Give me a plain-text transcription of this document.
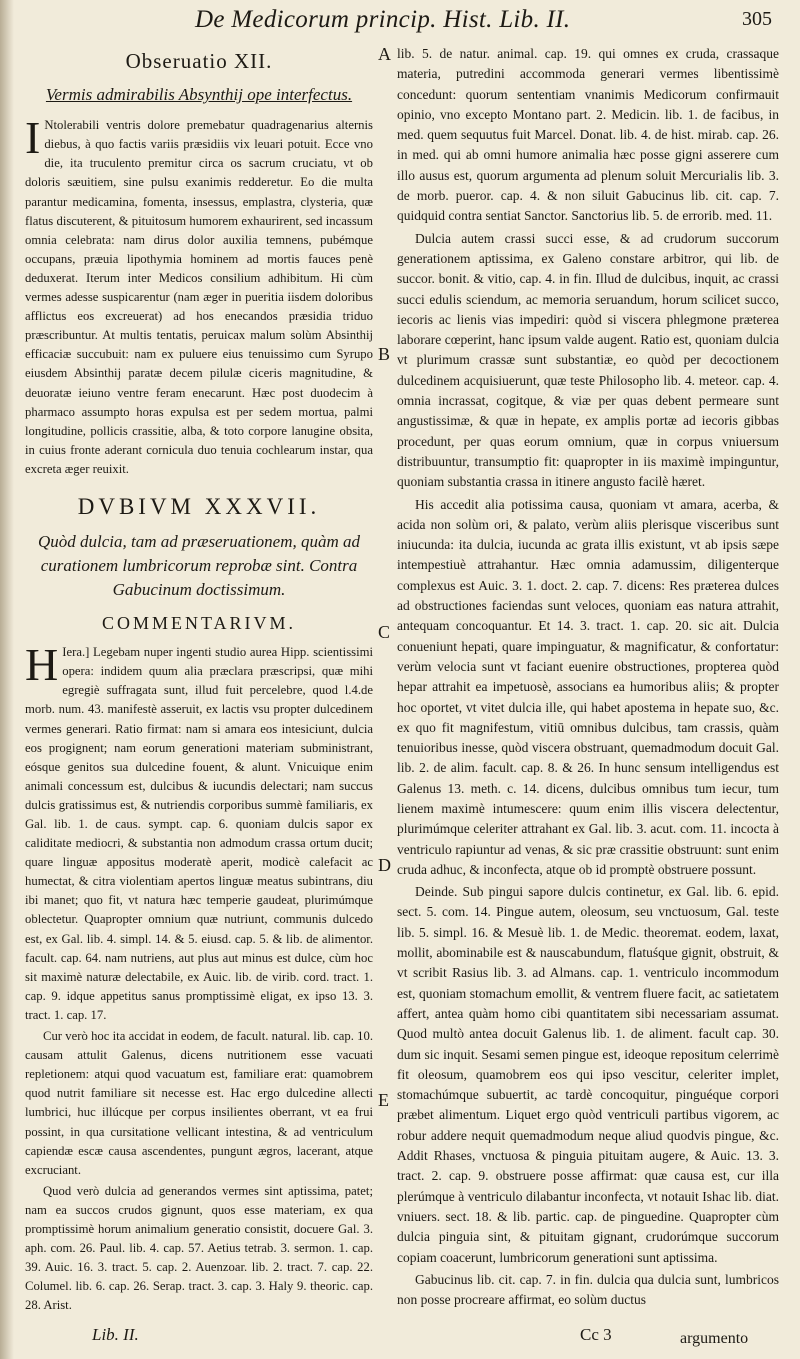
De Medicorum princip. Hist. Lib. II.	305
Obseruatio XII.
Vermis admirabilis Absynthij ope interfectus.

I Ntolerabili ventris dolore premebatur quadragenarius alternis diebus, à quo factis variis præsidiis vix leuari potuit. Ecce vno die, ita truculento premitur circa os sacrum cruciatu, vt ob doloris sæuitiem, sine pulsu exanimis redderetur. Eo die multa parantur medicamina, fomenta, insessus, emplastra, clysteria, quæ flatus discuterent, & pituitosum humorem exhaurirent, sed incassum omnia celebrata: nam dirus dolor auxilia temnens, pubémque occupans, præuia lipothymia hominem ad mortis fauces penè deduxerat. Iterum inter Medicos consilium adhibitum. Hi cùm vermes adesse suspicarentur (nam æger in pueritia iisdem doloribus afflictus eos excreuerat) ad hos enecandos præsidia triduo præscribuntur. At multis tentatis, peruicax malum solùm Absinthij efficaciæ succubuit: nam ex puluere eius tenuissimo cum Syrupo eiusdem Absinthij paratæ decem pilulæ ciceris magnitudine, & deuoratæ ieiuno ventre feram enecarunt. Hæc post duodecim à pharmaco assumpto horas expulsa est per sedem mortua, palmi longitudine, pollicis crassitie, alba, & toto corpore lanugine obsita, in cuius fronte aderant cornicula duo tenuia cochlearum instar, qua excreta æger reuixit.

DVBIVM XXXVII.
Quòd dulcia, tam ad præseruationem, quàm ad curationem lumbricorum reprobæ sint. Contra Gabucinum doctissimum.
COMMENTARIVM.

H Iera.] Legebam nuper ingenti studio aurea Hipp. scientissimi opera: indidem quum alia præclara præscripsi, quæ mihi egregiè suffragata sunt, illud fuit percelebre, quod l.4.de morb. num. 43. manifestè asseruit, ex lactis vsu propter dulcedinem vermes generari. Ratio firmat: nam si amara eos intesiciunt, dulcia eos progignent; nam eorum generationi materiam subministrant, eósque genitos sua dulcedine fouent, & alunt. Vnicuique enim animali concessum est, dulcibus & iucundis delectari; nam succus dulcis gratissimus est, & nutriendis corporibus summè familiaris, ex Gal. lib. 1. de caus. sympt. cap. 6. quoniam dulcis sapor ex caliditate mediocri, & substantia non admodum crassa ortum ducit; quare linguæ appositus moderatè aperit, modicè calefacit ac humectat, & citra violentiam apertos linguæ meatus subintrans, diu ibi manet; quo fit, vt natura hæc temperie gaudeat, plurimúmque oblectetur. Quapropter omnium quæ nutriunt, communis dulcedo est, ex Gal. lib. 4. simpl. 14. & 5. eiusd. cap. 5. & lib. de alimentor. facult. cap. 64. nam nutriens, aut plus aut minus est dulce, cùm hoc sit maximè naturæ delectabile, ex Auic. lib. de virib. cord. tract. 1. cap. 9. idque appetitus sanus promptissimè eligat, ex ipso 13. 3. tract. 1. cap. 17.

Cur verò hoc ita accidat in eodem, de facult. natural. lib. cap. 10. causam attulit Galenus, dicens nutritionem esse vacuati repletionem: atqui quod vacuatum est, familiare erat: quamobrem quod nutrit familiare sit necesse est. Hac ergo dulcedine allecti lumbrici, huc illúcque per corpus insilientes oberrant, vt ea frui possint, in qua cursitatione vellicant intestina, & ad ventriculum capiendæ escæ causa ascendentes, pungunt ægros, lacerant, atque excruciant.

Quod verò dulcia ad generandos vermes sint aptissima, patet; nam ea succos crudos gignunt, quos esse materiam, ex qua promptissimè horum animalium generatio consistit, docuere Gal. 3. aph. com. 26. Paul. lib. 4. cap. 57. Aetius tetrab. 3. sermon. 1. cap. 39. Auic. 16. 3. tract. 5. cap. 2. Auenzoar. lib. 2. tract. 7. cap. 22. Columel. lib. 6. cap. 26. Serap. tract. 3. cap. 3. Haly 9. theoric. cap. 28. Arist.

A
B
C
D
E

lib. 5. de natur. animal. cap. 19. qui omnes ex cruda, crassaque materia, putredini accommoda generari vermes libentissimè concedunt: quorum sententiam vnanimis Medicorum confirmauit opinio, vno excepto Montano part. 2. Medicin. lib. 1. de facibus, in med. quem sequutus fuit Marcel. Donat. lib. 4. de hist. mirab. cap. 26. in med. qui ab omni humore animalia hæc posse gigni asserere cum illo ausus est, quorum argumenta ad plenum soluit Mercurialis lib. 3. de morb. pueror. cap. 4. & non siluit Gabucinus lib. cit. cap. 7. quidquid contra sentiat Sanctor. Sanctorius lib. 5. de errorib. med. 11.

Dulcia autem crassi succi esse, & ad crudorum succorum generationem aptissima, ex Galeno constare arbitror, qui lib. de succor. bonit. & vitio, cap. 4. in fin. Illud de dulcibus, inquit, ac crassi succi edulis sciendum, ac memoria seruandum, horum scilicet succo, iecoris ac lienis vias impediri: quòd si viscera phlegmone præterea laborare cœperint, hanc ipsum valde augent. Ratio est, quoniam dulcia vt plurimum crassæ sunt substantiæ, eo quòd per decoctionem dulcedinem acquisiuerunt, quæ teste Philosopho lib. 4. meteor. cap. 4. omnia incrassat, cogitque, & viæ per quas debent permeare sunt angustissimæ, & quæ in hepate, ex amplis portæ ad iecoris gibbas procedunt, per quas eorum omnium, quæ in corpus vniuersum distribuuntur, transumptio fit: quapropter in iis maximè impinguntur, quoniam substantia crassa in itinere angusto facilè hæret.

His accedit alia potissima causa, quoniam vt amara, acerba, & acida non solùm ori, & palato, verùm aliis plerisque visceribus sunt iniucunda: ita dulcia, iucunda ac grata illis existunt, vt ab ipsis sæpe intempestiuè attrahantur. Hæc omnia adamussim, diligenterque complexus est Auic. 3. 1. doct. 2. cap. 7. dicens: Res præterea dulces ad obstructiones faciendas sunt veloces, quoniam eas natura attrahit, antequam concoquantur. Et 14. 3. tract. 1. cap. 20. sic ait. Dulcia conueniunt hepati, quare impinguatur, & magnificatur, & confortatur: verùm velocia sunt vt faciant euenire obstructiones, propterea quòd hepar attrahit ea impetuosè, associans ea humoribus aliis; & propter hoc oportet, vt vitet dulcia ille, qui habet apostema in hepate suo, &c. ex quo fit magnifestum, vitiū omnibus dulcibus, tam crassis, quàm tenuioribus inesse, quòd viscera obstruant, quemadmodum docuit Gal. lib. 2. de alim. facult. cap. 8. & 26. In hunc sensum intelligendus est Galenus 13. meth. c. 14. dicens, dulcibus omnibus tum iecur, tum lienem maximè intumescere: quum enim illis viscera delectentur, plurimúmque celeriter attrahant ex Gal. lib. 3. acut. com. 11. incocta à ventriculo rapiuntur ad venas, & sic præ crassitie obstruunt: sunt enim cruda adhuc, & inconfecta, atque ob id promptè obstruere possunt.

Deinde. Sub pingui sapore dulcis continetur, ex Gal. lib. 6. epid. sect. 5. com. 14. Pingue autem, oleosum, seu vnctuosum, Gal. teste lib. 5. simpl. 16. & Mesuè lib. 1. de Medic. theoremat. eodem, laxat, mollit, abominabile est & nauscabundum, flatuśque gignit, obstruit, & vt scribit Rasius lib. 3. ad Almans. cap. 1. ventriculo incommodum est, quoniam stomachum emollit, & ventrem fluere facit, ac satietatem affert, antea quàm homo cibi quantitatem sibi necessariam assumat. Quod multò antea docuit Galenus lib. 1. de aliment. facult cap. 30. dum sic inquit. Sesami semen pingue est, ideoque repositum celerrimè fit oleosum, quamobrem eos qui ipso vescitur, celeriter implet, stomachúmque subuertit, ac tardè concoquitur, pinguéque corpori præbet alimentum. Liquet ergo quòd ventriculi partibus vigorem, ac robur addere nequit quemadmodum neque aliud quodvis pingue, &c. Addit Rhases, vnctuosa & pinguia pituitam augere, & Auic. 13. 3. tract. 2. cap. 9. obstruere posse affirmat: quæ causa est, cur illa plerúmque à ventriculo dilabantur inconfecta, vt notauit Ishac lib. diat. vniuers. sect. 18. & lib. partic. cap. de pinguedine. Quapropter cùm dulcia pinguia sint, & pituitam gignant, crudorúmque succorum copiam coacerunt, lumbricorum generationi sunt aptissima.

Gabucinus lib. cit. cap. 7. in fin. dulcia qua dulcia sunt, lumbricos non posse procreare affirmat, eo solùm ductus

Lib. II.	Cc 3	argumento
